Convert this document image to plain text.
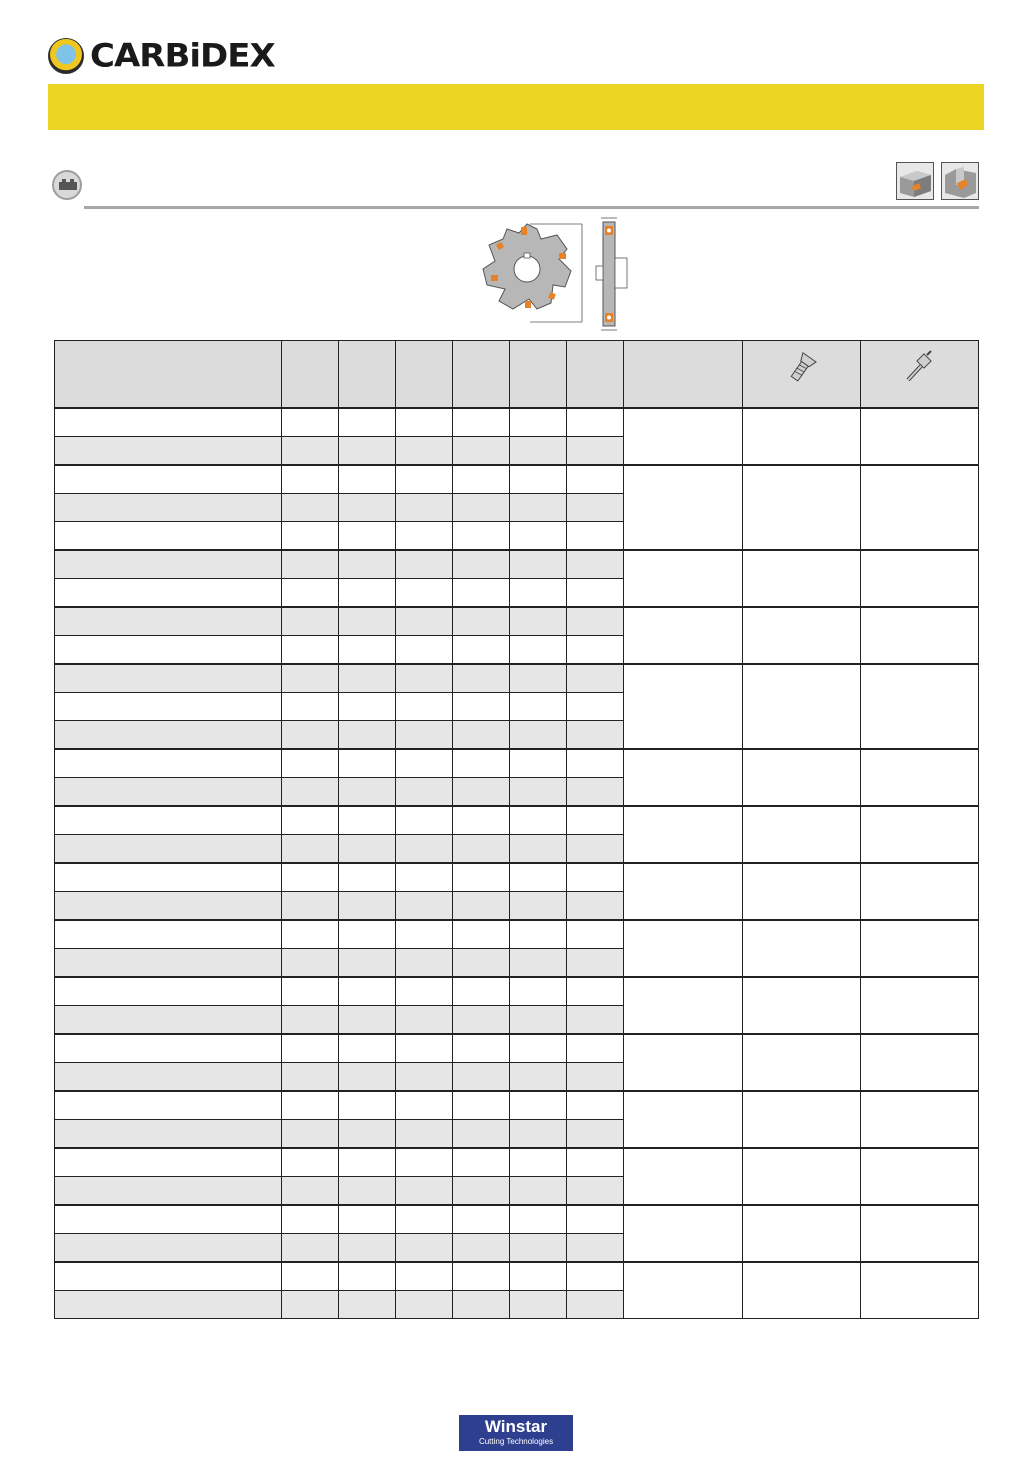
CARBiDEX

Winstar
Cutting Technologies
